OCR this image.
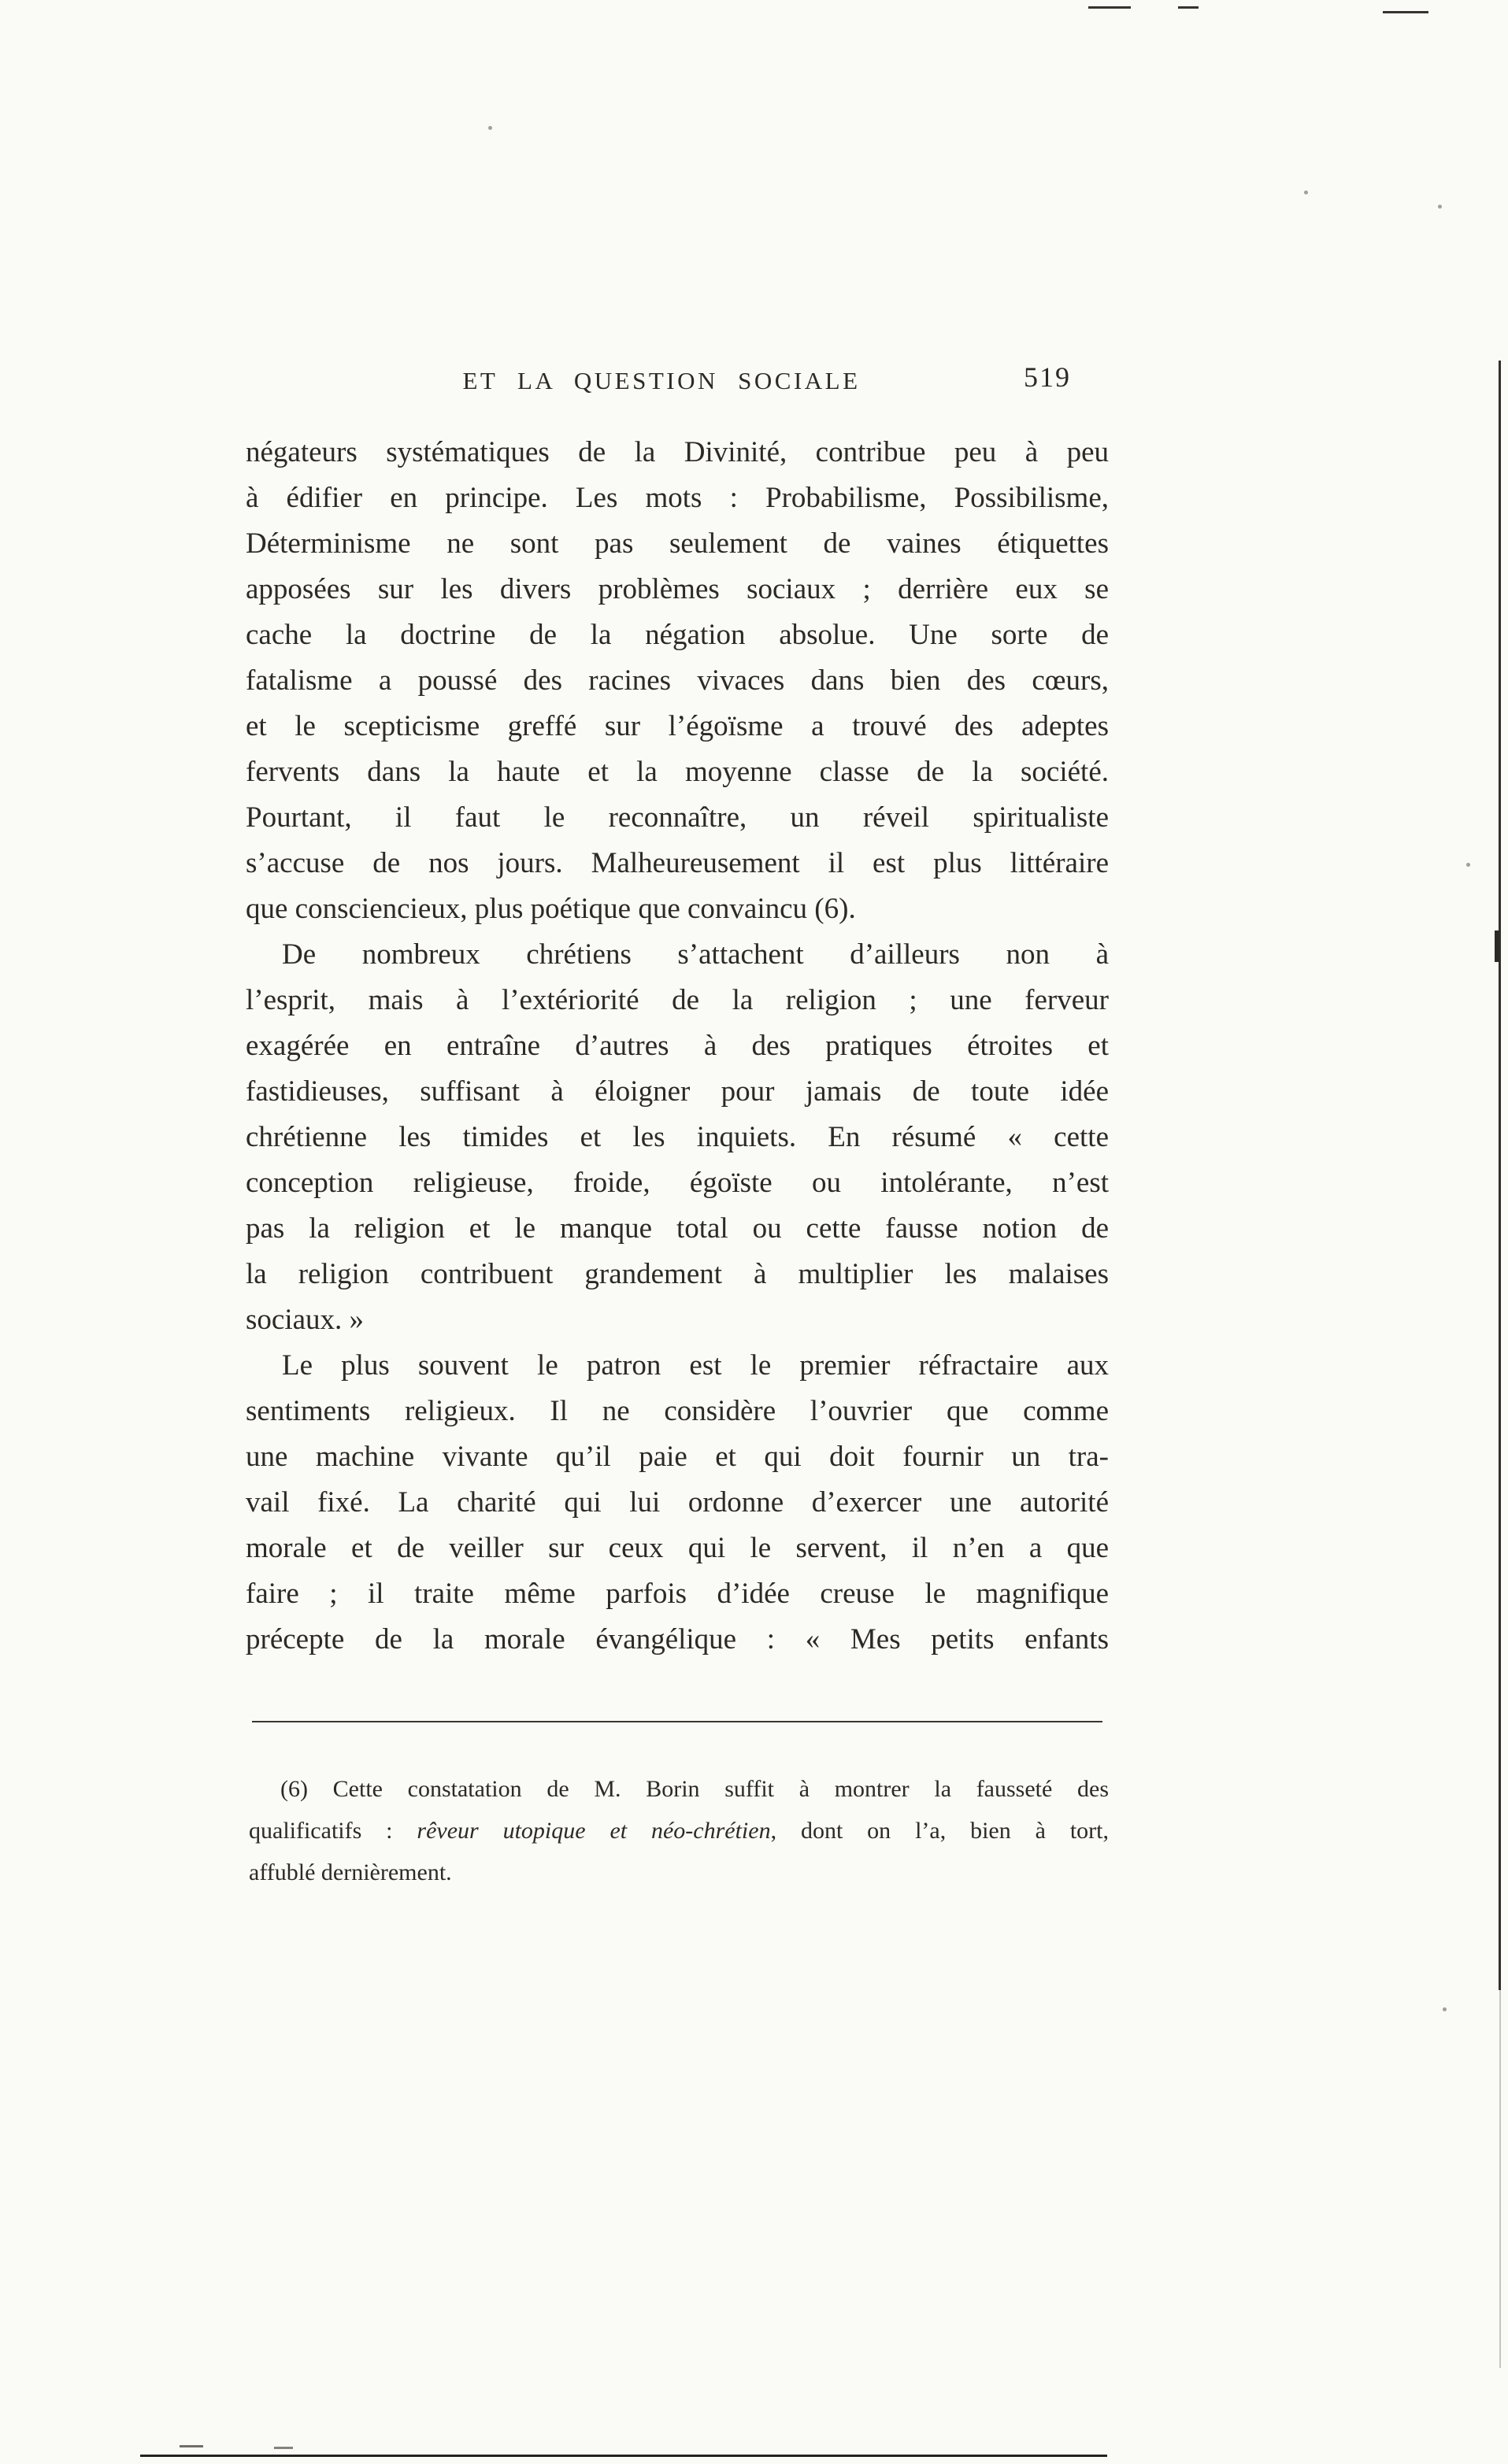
ET LA QUESTION SOCIALE	519
négateurs systématiques de la Divinité, contribue peu à peu
à édifier en principe. Les mots : Probabilisme, Possibilisme,
Déterminisme ne sont pas seulement de vaines étiquettes
apposées sur les divers problèmes sociaux ; derrière eux se
cache la doctrine de la négation absolue. Une sorte de
fatalisme a poussé des racines vivaces dans bien des cœurs,
et le scepticisme greffé sur l’égoïsme a trouvé des adeptes
fervents dans la haute et la moyenne classe de la société.
Pourtant, il faut le reconnaître, un réveil spiritualiste
s’accuse de nos jours. Malheureusement il est plus littéraire
que consciencieux, plus poétique que convaincu (6).
De nombreux chrétiens s’attachent d’ailleurs non à
l’esprit, mais à l’extériorité de la religion ; une ferveur
exagérée en entraîne d’autres à des pratiques étroites et
fastidieuses, suffisant à éloigner pour jamais de toute idée
chrétienne les timides et les inquiets. En résumé « cette
conception religieuse, froide, égoïste ou intolérante, n’est
pas la religion et le manque total ou cette fausse notion de
la religion contribuent grandement à multiplier les malaises
sociaux. »
Le plus souvent le patron est le premier réfractaire aux
sentiments religieux. Il ne considère l’ouvrier que comme
une machine vivante qu’il paie et qui doit fournir un tra-
vail fixé. La charité qui lui ordonne d’exercer une autorité
morale et de veiller sur ceux qui le servent, il n’en a que
faire ; il traite même parfois d’idée creuse le magnifique
précepte de la morale évangélique : « Mes petits enfants
(6) Cette constatation de M. Borin suffit à montrer la fausseté des
qualificatifs : rêveur utopique et néo-chrétien, dont on l’a, bien à tort,
affublé dernièrement.
